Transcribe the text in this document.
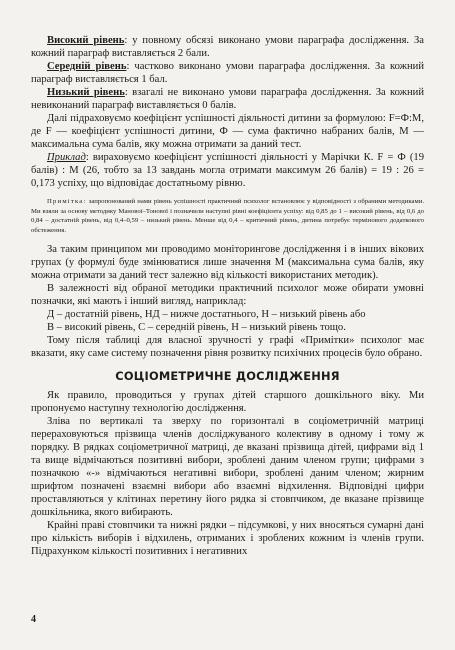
Високий рівень: у повному обсязі виконано умови параграфа дослідження. За кожний параграф виставляється 2 бали.

Середній рівень: частково виконано умови параграфа дослідження. За кожний параграф виставляється 1 бал.

Низький рівень: взагалі не виконано умови параграфа дослідження. За кожний невиконаний параграф виставляється 0 балів.

Далі підраховуємо коефіцієнт успішності діяльності дитини за формулою: F=Ф:М, де F — коефіцієнт успішності дитини, Ф — сума фактично набраних балів, М — максимальна сума балів, яку можна отримати за даний тест.

Приклад: вираховуємо коефіцієнт успішності діяльності у Марічки К. F = Ф (19 балів) : М (26, тобто за 13 завдань могла отримати максимум 26 балів) = 19 : 26 = 0,173 успіху, що відповідає достатньому рівню.

Примітка: запропонований нами рівень успішності практичний психолог встановлює у відповідності з обраними методиками. Ми взяли за основу методику Манової–Тонової і позначили наступні рівні коефіцієнта успіху: від 0,85 до 1 – високий рівень, від 0,6 до 0,84 – достатній рівень, від 0,4–0,59 – низький рівень. Менше від 0,4 – критичний рівень, дитина потребує термінового додаткового обстеження.

За таким принципом ми проводимо моніторингове дослідження і в інших вікових групах (у формулі буде змінюватися лише значення М (максимальна сума балів, яку можна отримати за даний тест залежно від кількості використаних методик).

В залежності від обраної методики практичний психолог може обирати умовні позначки, які мають і інший вигляд, наприклад:

Д – достатній рівень, НД – нижче достатнього, Н – низький рівень або

В – високий рівень, С – середній рівень, Н – низький рівень тощо.

Тому після таблиці для власної зручності у графі «Примітки» психолог має вказати, яку саме систему позначення рівня розвитку психічних процесів було обрано.

СОЦІОМЕТРИЧНЕ ДОСЛІДЖЕННЯ

Як правило, проводиться у групах дітей старшого дошкільного віку. Ми пропонуємо наступну технологію дослідження.

Зліва по вертикалі та зверху по горизонталі в соціометричній матриці перераховуються прізвища членів досліджуваного колективу в одному і тому ж порядку. В рядках соціометричної матриці, де вказані прізвища дітей, цифрами від 1 та вище відмічаються позитивні вибори, зроблені даним членом групи; цифрами з позначкою «-» відмічаються негативні вибори, зроблені даним членом; жирним шрифтом позначені взаємні вибори або взаємні відхилення. Відповідні цифри проставляються у клітинах перетину його рядка зі стовпчиком, де вказане прізвище дошкільника, якого вибирають.

Крайні праві стовпчики та нижні рядки – підсумкові, у них вносяться сумарні дані про кількість виборів і відхилень, отриманих і зроблених кожним із членів групи. Підрахунком кількості позитивних і негативних

4
